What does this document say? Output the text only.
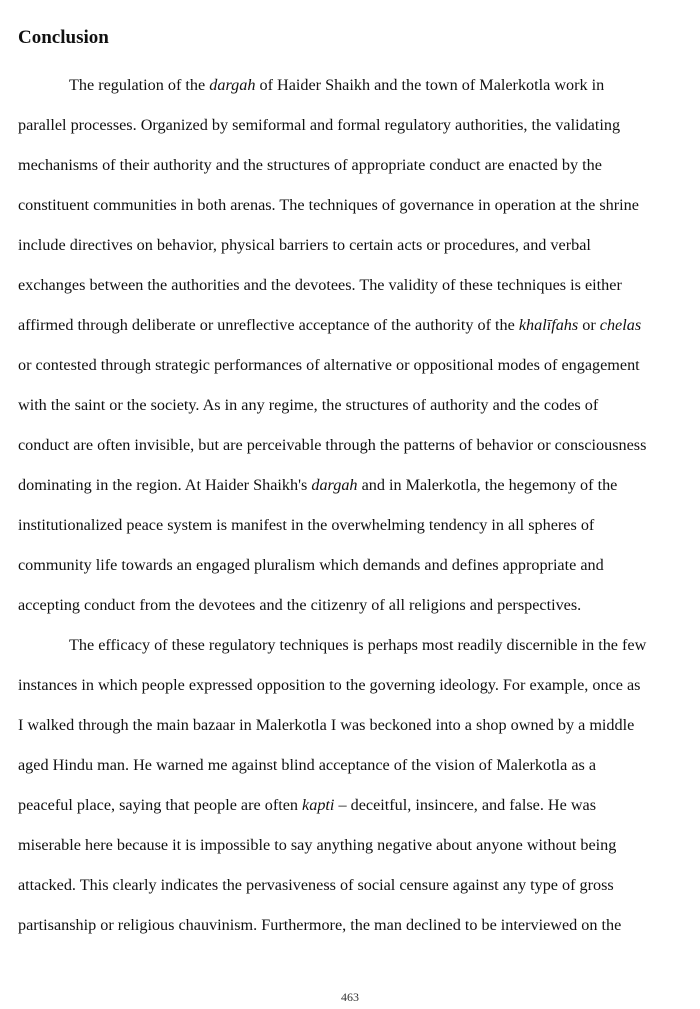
Conclusion
The regulation of the dargah of Haider Shaikh and the town of Malerkotla work in
parallel processes. Organized by semiformal and formal regulatory authorities, the validating
mechanisms of their authority and the structures of appropriate conduct are enacted by the
constituent communities in both arenas. The techniques of governance in operation at the shrine
include directives on behavior, physical barriers to certain acts or procedures, and verbal
exchanges between the authorities and the devotees. The validity of these techniques is either
affirmed through deliberate or unreflective acceptance of the authority of the khalīfahs or chelas
or contested through strategic performances of alternative or oppositional modes of engagement
with the saint or the society. As in any regime, the structures of authority and the codes of
conduct are often invisible, but are perceivable through the patterns of behavior or consciousness
dominating in the region. At Haider Shaikh's dargah and in Malerkotla, the hegemony of the
institutionalized peace system is manifest in the overwhelming tendency in all spheres of
community life towards an engaged pluralism which demands and defines appropriate and
accepting conduct from the devotees and the citizenry of all religions and perspectives.
The efficacy of these regulatory techniques is perhaps most readily discernible in the few
instances in which people expressed opposition to the governing ideology. For example, once as
I walked through the main bazaar in Malerkotla I was beckoned into a shop owned by a middle
aged Hindu man. He warned me against blind acceptance of the vision of Malerkotla as a
peaceful place, saying that people are often kapti – deceitful, insincere, and false. He was
miserable here because it is impossible to say anything negative about anyone without being
attacked. This clearly indicates the pervasiveness of social censure against any type of gross
partisanship or religious chauvinism. Furthermore, the man declined to be interviewed on the
463
